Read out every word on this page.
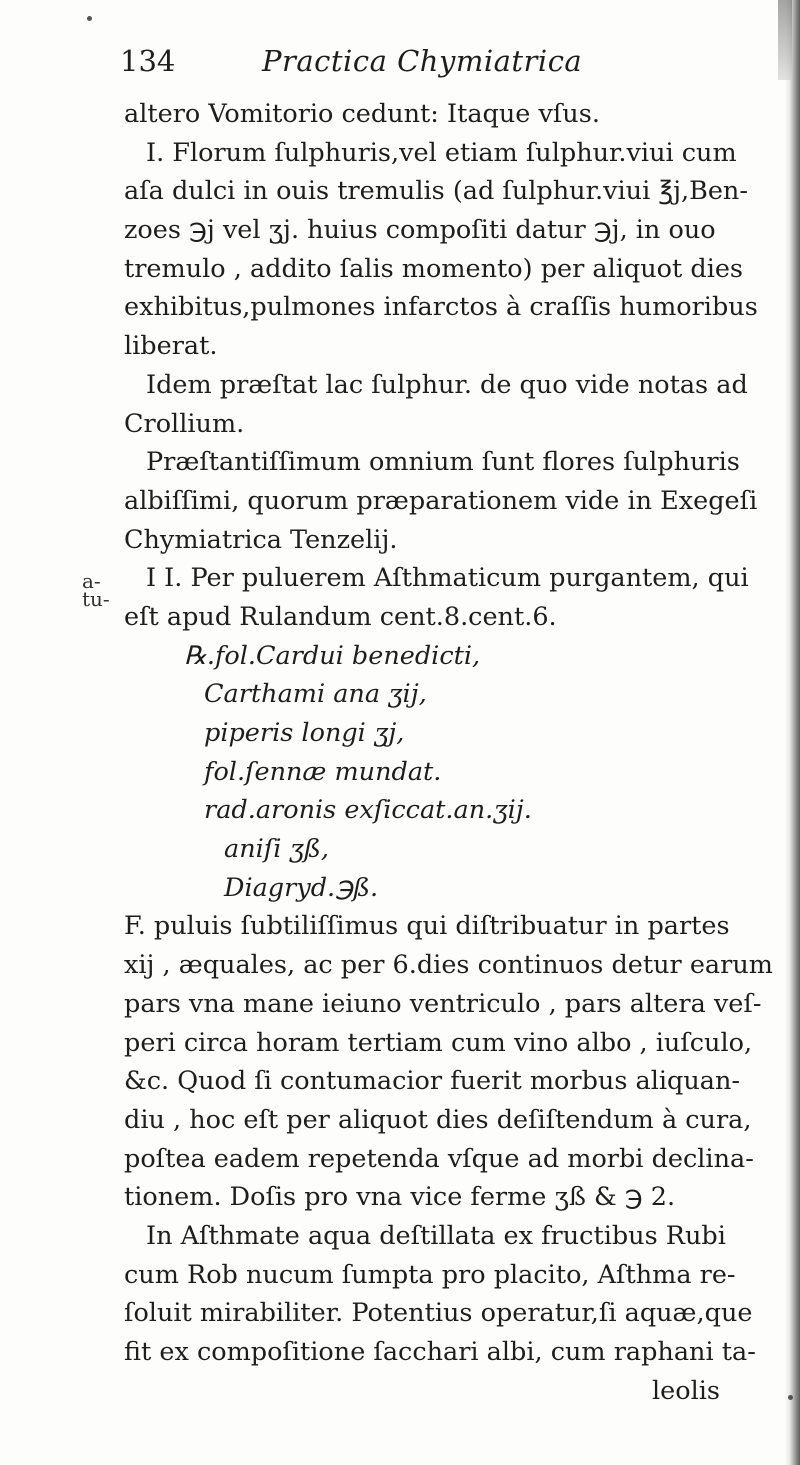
134	Practica Chymiatrica
a-
tu-
altero Vomitorio cedunt: Itaque vſus.
I. Florum ſulphuris,vel etiam ſulphur.viui cum
aſa dulci in ouis tremulis (ad ſulphur.viui ℥j,Ben-
zoes ℈j vel ʒj. huius compoſiti datur ℈j, in ouo
tremulo , addito ſalis momento) per aliquot dies
exhibitus,pulmones infarctos à craſſis humoribus
liberat.
Idem præſtat lac ſulphur. de quo vide notas ad
Crollium.
Præſtantiſſimum omnium ſunt flores ſulphuris
albiſſimi, quorum præparationem vide in Exegeſi
Chymiatrica Tenzelij.
I I. Per puluerem Aſthmaticum purgantem, qui
eſt apud Rulandum cent.8.cent.6.
℞.fol.Cardui benedicti,
Carthami ana ʒij,
piperis longi ʒj,
fol.ſennæ mundat.
rad.aronis exſiccat.an.ʒij.
aniſi ʒß,
Diagryd.℈ß.
F. puluis ſubtiliſſimus qui diſtribuatur in partes
xij , æquales, ac per 6.dies continuos detur earum
pars vna mane ieiuno ventriculo , pars altera veſ-
peri circa horam tertiam cum vino albo , iuſculo,
&c. Quod ſi contumacior fuerit morbus aliquan-
diu , hoc eſt per aliquot dies deſiſtendum à cura,
poſtea eadem repetenda vſque ad morbi declina-
tionem. Doſis pro vna vice ferme ʒß & ℈ 2.
In Aſthmate aqua deſtillata ex fructibus Rubi
cum Rob nucum ſumpta pro placito, Aſthma re-
ſoluit mirabiliter. Potentius operatur,ſi aquæ,que
fit ex compoſitione ſacchari albi, cum raphani ta-
leolis
